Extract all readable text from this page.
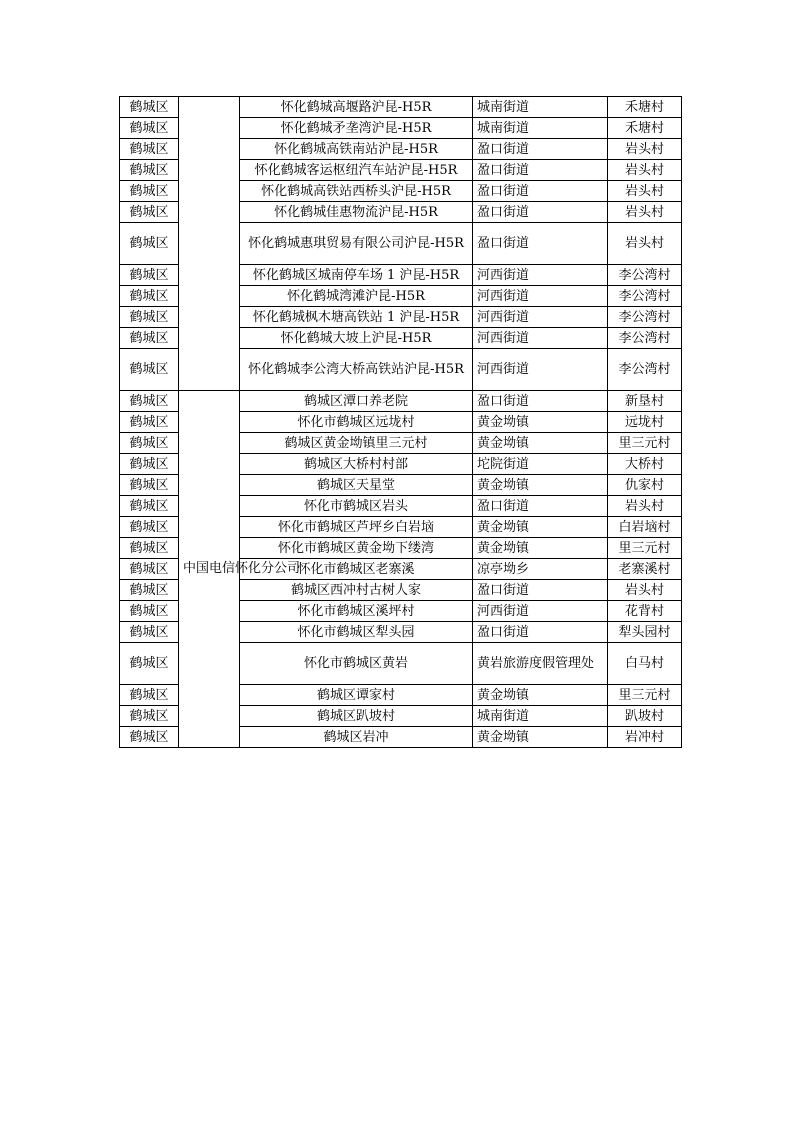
鹤城区		怀化鹤城高堰路沪昆-H5R	城南街道	禾塘村
鹤城区		怀化鹤城矛垄湾沪昆-H5R	城南街道	禾塘村
鹤城区		怀化鹤城高铁南站沪昆-H5R	盈口街道	岩头村
鹤城区		怀化鹤城客运枢纽汽车站沪昆-H5R	盈口街道	岩头村
鹤城区		怀化鹤城高铁站西桥头沪昆-H5R	盈口街道	岩头村
鹤城区		怀化鹤城佳惠物流沪昆-H5R	盈口街道	岩头村
鹤城区		怀化鹤城惠琪贸易有限公司沪昆-H5R	盈口街道	岩头村
鹤城区		怀化鹤城区城南停车场 1 沪昆-H5R	河西街道	李公湾村
鹤城区		怀化鹤城湾滩沪昆-H5R	河西街道	李公湾村
鹤城区		怀化鹤城枫木塘高铁站 1 沪昆-H5R	河西街道	李公湾村
鹤城区		怀化鹤城大坡上沪昆-H5R	河西街道	李公湾村
鹤城区		怀化鹤城李公湾大桥高铁站沪昆-H5R	河西街道	李公湾村
鹤城区	中国电信怀化分公司	鹤城区潭口养老院	盈口街道	新垦村
鹤城区		怀化市鹤城区远垅村	黄金坳镇	远垅村
鹤城区		鹤城区黄金坳镇里三元村	黄金坳镇	里三元村
鹤城区		鹤城区大桥村村部	坨院街道	大桥村
鹤城区		鹤城区天星堂	黄金坳镇	仇家村
鹤城区		怀化市鹤城区岩头	盈口街道	岩头村
鹤城区		怀化市鹤城区芦坪乡白岩垴	黄金坳镇	白岩垴村
鹤城区		怀化市鹤城区黄金坳下缕湾	黄金坳镇	里三元村
鹤城区		怀化市鹤城区老寨溪	凉亭坳乡	老寨溪村
鹤城区		鹤城区西冲村古树人家	盈口街道	岩头村
鹤城区		怀化市鹤城区溪坪村	河西街道	花背村
鹤城区		怀化市鹤城区犁头园	盈口街道	犁头园村
鹤城区		怀化市鹤城区黄岩	黄岩旅游度假管理处	白马村
鹤城区		鹤城区谭家村	黄金坳镇	里三元村
鹤城区		鹤城区趴坡村	城南街道	趴坡村
鹤城区		鹤城区岩冲	黄金坳镇	岩冲村
